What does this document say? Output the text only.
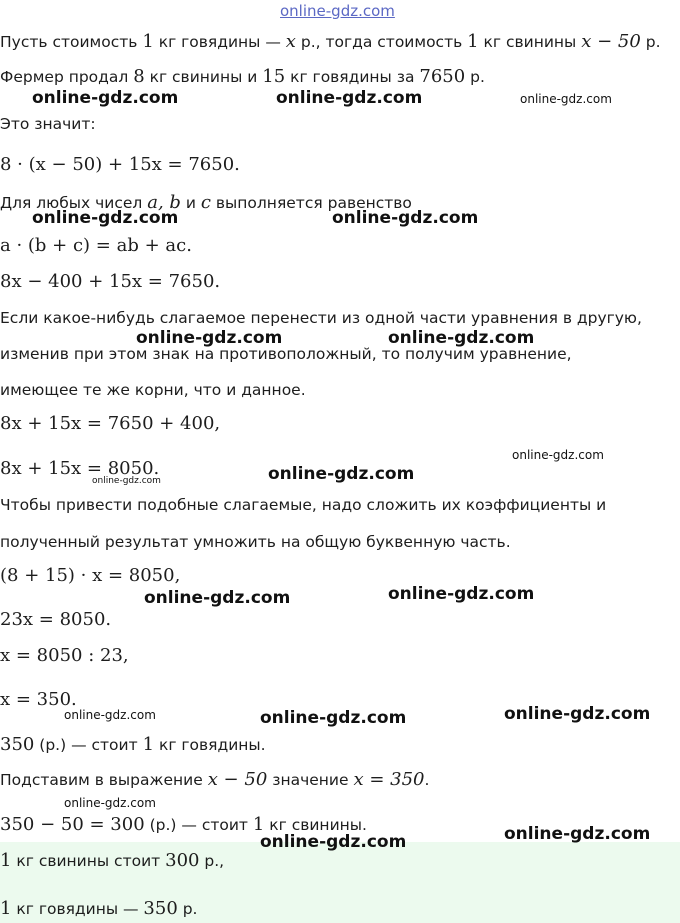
online-gdz.com
Пусть стоимость 1 кг говядины — x р., тогда стоимость 1 кг свинины x − 50 р.
Фермер продал 8 кг свинины и 15 кг говядины за 7650 р.
Это значит:
8 · (x − 50) + 15x = 7650.
Для любых чисел a, b и c выполняется равенство
a · (b + c) = ab + ac.
8x − 400 + 15x = 7650.
Если какое-нибудь слагаемое перенести из одной части уравнения в другую,
изменив при этом знак на противоположный, то получим уравнение,
имеющее те же корни, что и данное.
8x + 15x = 7650 + 400,
8x + 15x = 8050.
Чтобы привести подобные слагаемые, надо сложить их коэффициенты и
полученный результат умножить на общую буквенную часть.
(8 + 15) · x = 8050,
23x = 8050.
x = 8050 : 23,
x = 350.
350 (р.) — стоит 1 кг говядины.
Подставим в выражение x − 50 значение x = 350.
350 − 50 = 300 (р.) — стоит 1 кг свинины.
1 кг свинины стоит 300 р.,
1 кг говядины — 350 р.
online-gdz.com	online-gdz.com	online-gdz.com
online-gdz.com	online-gdz.com
online-gdz.com	online-gdz.com
online-gdz.com
online-gdz.com
online-gdz.com
online-gdz.com	online-gdz.com
online-gdz.com	online-gdz.com	online-gdz.com
online-gdz.com
online-gdz.com	online-gdz.com
